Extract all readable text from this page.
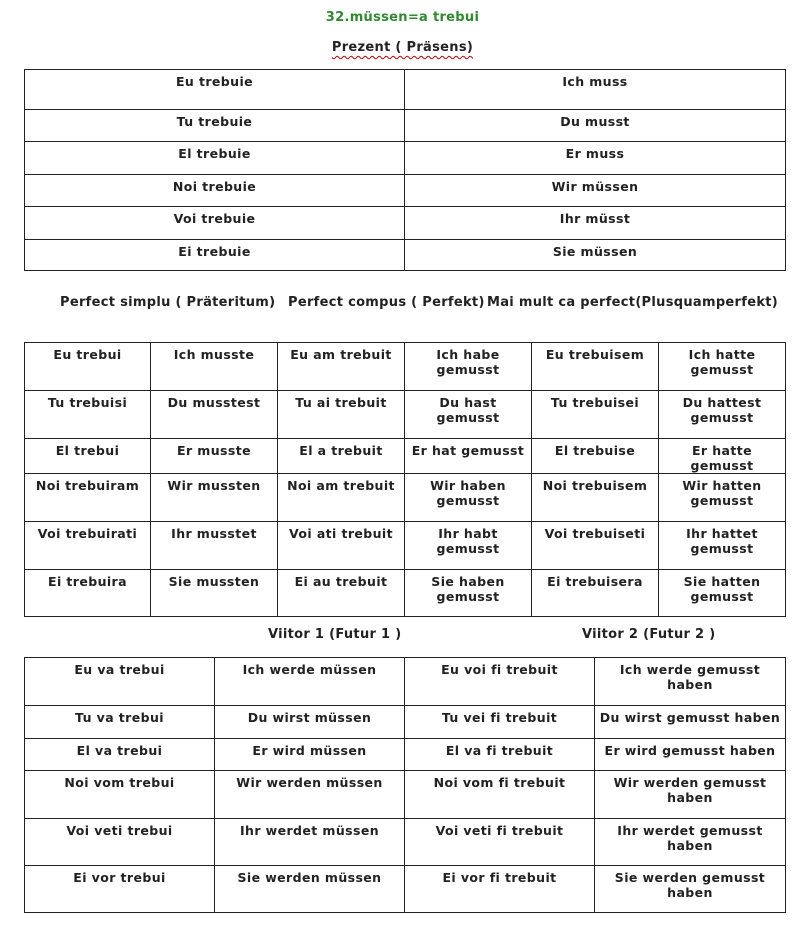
32.müssen=a trebui
Prezent ( Präsens)
Eu trebuie	Ich muss
Tu trebuie	Du musst
El trebuie	Er muss
Noi trebuie	Wir müssen
Voi trebuie	Ihr müsst
Ei trebuie	Sie müssen
Perfect simplu ( Präteritum) Perfect compus ( Perfekt) Mai mult ca perfect(Plusquamperfekt)
Eu trebui	Ich musste	Eu am trebuit	Ich habe gemusst	Eu trebuisem	Ich hatte gemusst
Tu trebuisi	Du musstest	Tu ai trebuit	Du hast gemusst	Tu trebuisei	Du hattest gemusst
El trebui	Er musste	El a trebuit	Er hat gemusst	El trebuise	Er hatte gemusst
Noi trebuiram	Wir mussten	Noi am trebuit	Wir haben gemusst	Noi trebuisem	Wir hatten gemusst
Voi trebuirati	Ihr musstet	Voi ati trebuit	Ihr habt gemusst	Voi trebuiseti	Ihr hattet gemusst
Ei trebuira	Sie mussten	Ei au trebuit	Sie haben gemusst	Ei trebuisera	Sie hatten gemusst
Viitor 1 (Futur 1 )	Viitor 2 (Futur 2 )
Eu va trebui	Ich werde müssen	Eu voi fi trebuit	Ich werde gemusst haben
Tu va trebui	Du wirst müssen	Tu vei fi trebuit	Du wirst gemusst haben
El va trebui	Er wird müssen	El va fi trebuit	Er wird gemusst haben
Noi vom trebui	Wir werden müssen	Noi vom fi trebuit	Wir werden gemusst haben
Voi veti trebui	Ihr werdet müssen	Voi veti fi trebuit	Ihr werdet gemusst haben
Ei vor trebui	Sie werden müssen	Ei vor fi trebuit	Sie werden gemusst haben
